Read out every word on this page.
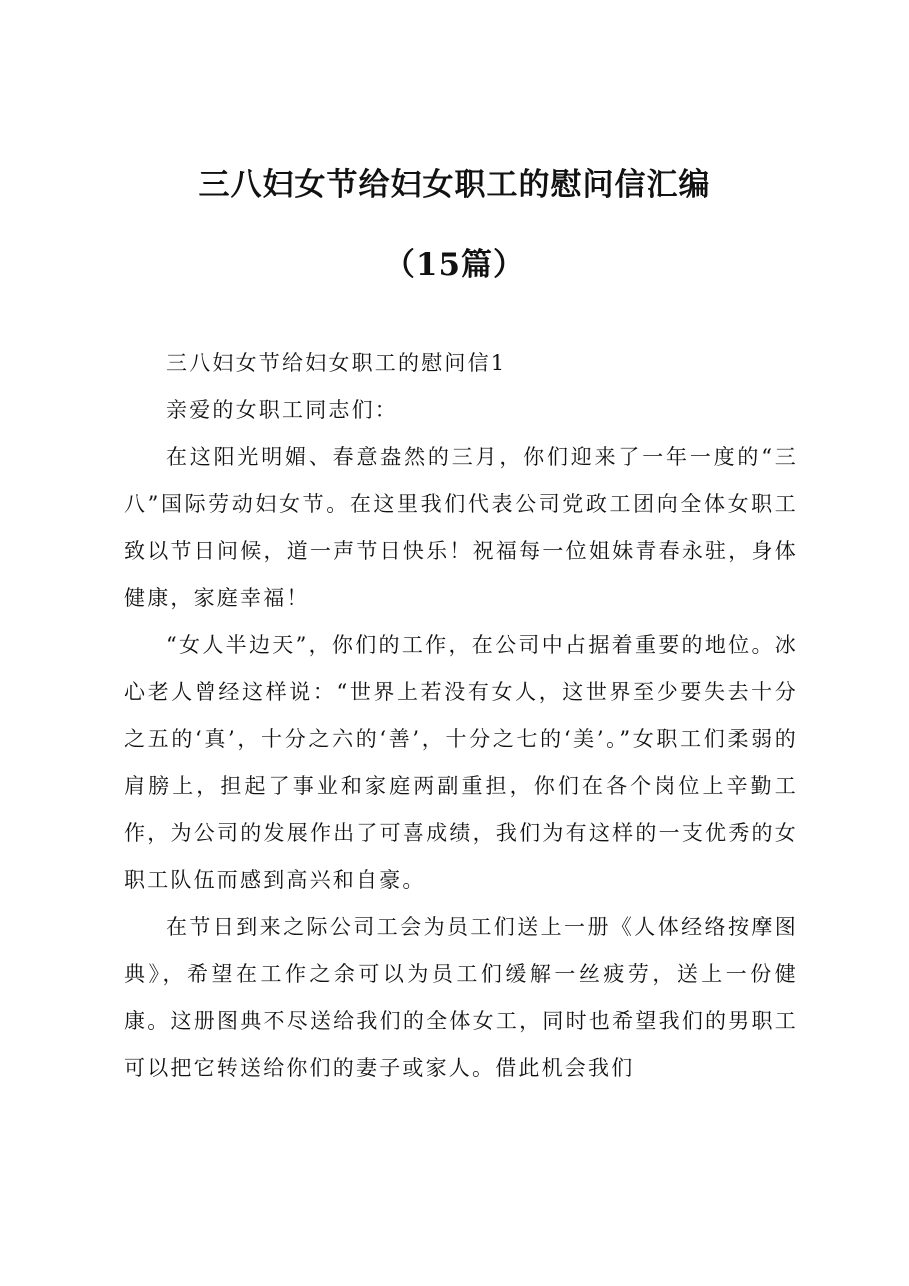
三八妇女节给妇女职工的慰问信汇编
（15篇）

三八妇女节给妇女职工的慰问信1

亲爱的女职工同志们：

在这阳光明媚、春意盎然的三月，你们迎来了一年一度的“三八”国际劳动妇女节。在这里我们代表公司党政工团向全体女职工致以节日问候，道一声节日快乐！祝福每一位姐妹青春永驻，身体健康，家庭幸福！

“女人半边天”，你们的工作，在公司中占据着重要的地位。冰心老人曾经这样说：“世界上若没有女人，这世界至少要失去十分之五的‘真’，十分之六的‘善’，十分之七的‘美’。”女职工们柔弱的肩膀上，担起了事业和家庭两副重担，你们在各个岗位上辛勤工作，为公司的发展作出了可喜成绩，我们为有这样的一支优秀的女职工队伍而感到高兴和自豪。

在节日到来之际公司工会为员工们送上一册《人体经络按摩图典》，希望在工作之余可以为员工们缓解一丝疲劳，送上一份健康。这册图典不尽送给我们的全体女工，同时也希望我们的男职工可以把它转送给你们的妻子或家人。借此机会我们
